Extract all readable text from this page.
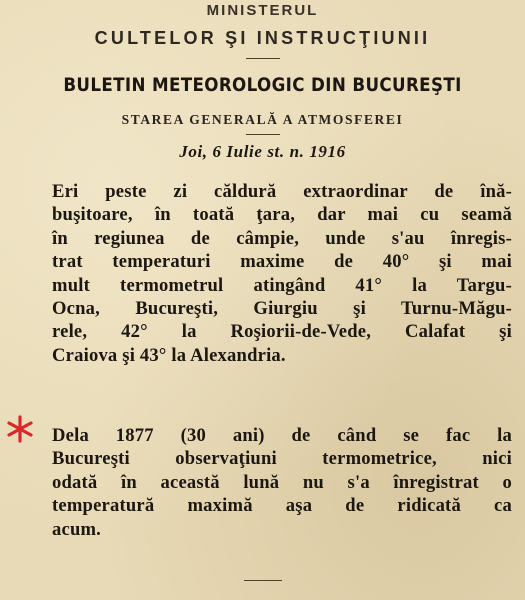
MINISTERUL
CULTELOR ŞI INSTRUCŢIUNII
BULETIN METEOROLOGIC DIN BUCUREŞTI
STAREA GENERALĂ A ATMOSFEREI
Joi, 6 Iulie st. n. 1916
Eri peste zi căldură extraordinar de înă-
buşitoare, în toată ţara, dar mai cu seamă
în regiunea de câmpie, unde s'au înregis-
trat temperaturi maxime de 40° şi mai
mult termometrul atingând 41° la Targu-
Ocna, Bucureşti, Giurgiu şi Turnu-Măgu-
rele, 42° la Roşiorii-de-Vede, Calafat şi
Craiova şi 43° la Alexandria.
Dela 1877 (30 ani) de când se fac la
Bucureşti observaţiuni termometrice, nici
odată în această lună nu s'a înregistrat o
temperatură maximă aşa de ridicată ca
acum.
